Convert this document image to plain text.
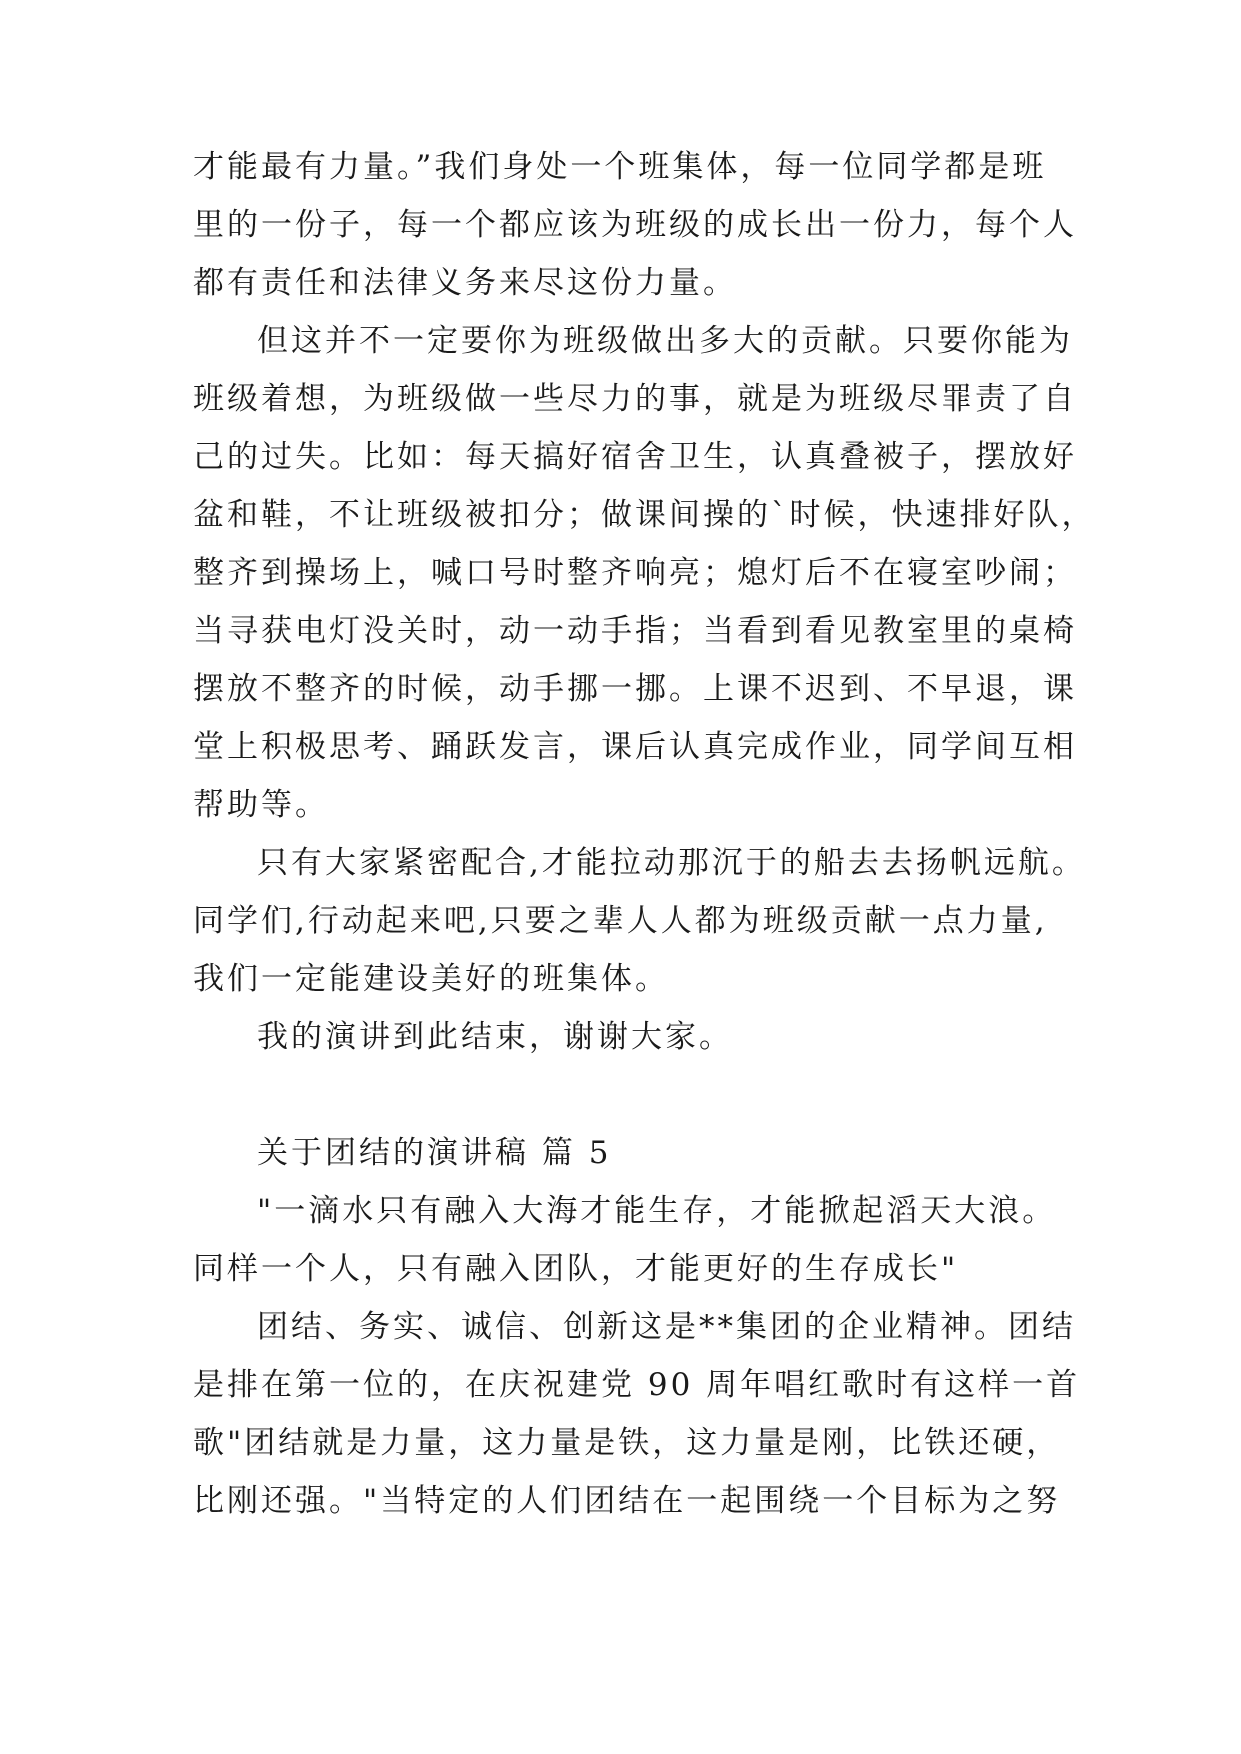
才能最有力量。”我们身处一个班集体，每一位同学都是班
里的一份子，每一个都应该为班级的成长出一份力，每个人
都有责任和法律义务来尽这份力量。
但这并不一定要你为班级做出多大的贡献。只要你能为
班级着想，为班级做一些尽力的事，就是为班级尽罪责了自
己的过失。比如：每天搞好宿舍卫生，认真叠被子，摆放好
盆和鞋，不让班级被扣分；做课间操的`时候，快速排好队，
整齐到操场上，喊口号时整齐响亮；熄灯后不在寝室吵闹；
当寻获电灯没关时，动一动手指；当看到看见教室里的桌椅
摆放不整齐的时候，动手挪一挪。上课不迟到、不早退，课
堂上积极思考、踊跃发言，课后认真完成作业，同学间互相
帮助等。
只有大家紧密配合,才能拉动那沉于的船去去扬帆远航。
同学们,行动起来吧,只要之辈人人都为班级贡献一点力量,
我们一定能建设美好的班集体。
我的演讲到此结束，谢谢大家。
关于团结的演讲稿 篇 5
"一滴水只有融入大海才能生存，才能掀起滔天大浪。
同样一个人，只有融入团队，才能更好的生存成长"
团结、务实、诚信、创新这是**集团的企业精神。团结
是排在第一位的，在庆祝建党 90 周年唱红歌时有这样一首
歌"团结就是力量，这力量是铁，这力量是刚，比铁还硬，
比刚还强。"当特定的人们团结在一起围绕一个目标为之努
